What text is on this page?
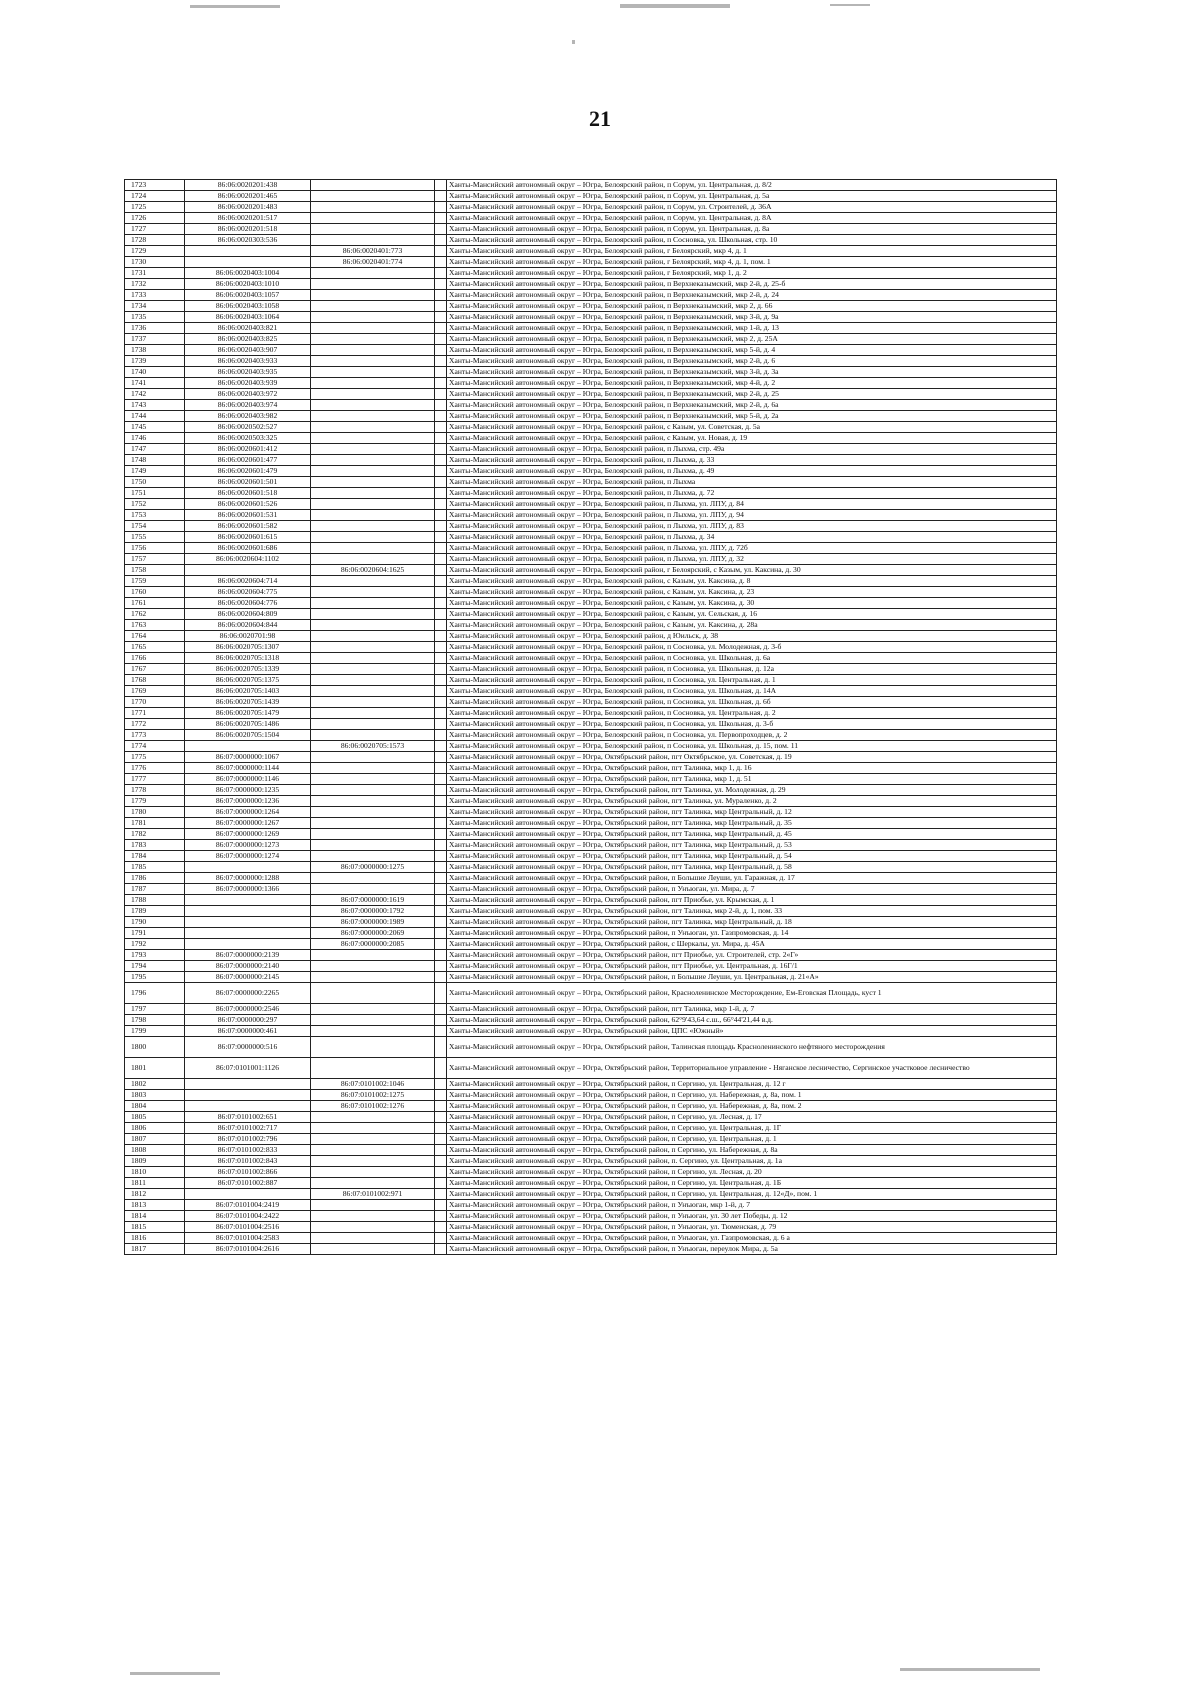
21
1723	86:06:0020201:438			Ханты-Мансийский автономный округ – Югра, Белоярский район, п Сорум, ул. Центральная, д. 8/2
1724	86:06:0020201:465			Ханты-Мансийский автономный округ – Югра, Белоярский район, п Сорум, ул. Центральная, д. 5а
1725	86:06:0020201:483			Ханты-Мансийский автономный округ – Югра, Белоярский район, п Сорум, ул. Строителей, д. 36А
1726	86:06:0020201:517			Ханты-Мансийский автономный округ – Югра, Белоярский район, п Сорум, ул. Центральная, д. 8А
1727	86:06:0020201:518			Ханты-Мансийский автономный округ – Югра, Белоярский район, п Сорум, ул. Центральная, д. 8а
1728	86:06:0020303:536			Ханты-Мансийский автономный округ – Югра, Белоярский район, п Сосновка, ул. Школьная, стр. 10
1729		86:06:0020401:773		Ханты-Мансийский автономный округ – Югра, Белоярский район, г Белоярский, мкр 4, д. 1
1730		86:06:0020401:774		Ханты-Мансийский автономный округ – Югра, Белоярский район, г Белоярский, мкр 4, д. 1, пом. 1
1731	86:06:0020403:1004			Ханты-Мансийский автономный округ – Югра, Белоярский район, г Белоярский, мкр 1, д. 2
1732	86:06:0020403:1010			Ханты-Мансийский автономный округ – Югра, Белоярский район, п Верхнеказымский, мкр 2-й, д. 25-б
1733	86:06:0020403:1057			Ханты-Мансийский автономный округ – Югра, Белоярский район, п Верхнеказымский, мкр 2-й, д. 24
1734	86:06:0020403:1058			Ханты-Мансийский автономный округ – Югра, Белоярский район, п Верхнеказымский, мкр 2, д. 66
1735	86:06:0020403:1064			Ханты-Мансийский автономный округ – Югра, Белоярский район, п Верхнеказымский, мкр 3-й, д. 9а
1736	86:06:0020403:821			Ханты-Мансийский автономный округ – Югра, Белоярский район, п Верхнеказымский, мкр 1-й, д. 13
1737	86:06:0020403:825			Ханты-Мансийский автономный округ – Югра, Белоярский район, п Верхнеказымский, мкр 2, д. 25А
1738	86:06:0020403:907			Ханты-Мансийский автономный округ – Югра, Белоярский район, п Верхнеказымский, мкр 5-й, д. 4
1739	86:06:0020403:933			Ханты-Мансийский автономный округ – Югра, Белоярский район, п Верхнеказымский, мкр 2-й, д. 6
1740	86:06:0020403:935			Ханты-Мансийский автономный округ – Югра, Белоярский район, п Верхнеказымский, мкр 3-й, д. 3а
1741	86:06:0020403:939			Ханты-Мансийский автономный округ – Югра, Белоярский район, п Верхнеказымский, мкр 4-й, д. 2
1742	86:06:0020403:972			Ханты-Мансийский автономный округ – Югра, Белоярский район, п Верхнеказымский, мкр 2-й, д. 25
1743	86:06:0020403:974			Ханты-Мансийский автономный округ – Югра, Белоярский район, п Верхнеказымский, мкр 2-й, д. 6а
1744	86:06:0020403:982			Ханты-Мансийский автономный округ – Югра, Белоярский район, п Верхнеказымский, мкр 5-й, д. 2а
1745	86:06:0020502:527			Ханты-Мансийский автономный округ – Югра, Белоярский район, с Казым, ул. Советская, д. 5а
1746	86:06:0020503:325			Ханты-Мансийский автономный округ – Югра, Белоярский район, с Казым, ул. Новая, д. 19
1747	86:06:0020601:412			Ханты-Мансийский автономный округ – Югра, Белоярский район, п Лыхма, стр. 49а
1748	86:06:0020601:477			Ханты-Мансийский автономный округ – Югра, Белоярский район, п Лыхма, д. 33
1749	86:06:0020601:479			Ханты-Мансийский автономный округ – Югра, Белоярский район, п Лыхма, д. 49
1750	86:06:0020601:501			Ханты-Мансийский автономный округ – Югра, Белоярский район, п Лыхма
1751	86:06:0020601:518			Ханты-Мансийский автономный округ – Югра, Белоярский район, п Лыхма, д. 72
1752	86:06:0020601:526			Ханты-Мансийский автономный округ – Югра, Белоярский район, п Лыхма, ул. ЛПУ, д. 84
1753	86:06:0020601:531			Ханты-Мансийский автономный округ – Югра, Белоярский район, п Лыхма, ул. ЛПУ, д. 94
1754	86:06:0020601:582			Ханты-Мансийский автономный округ – Югра, Белоярский район, п Лыхма, ул. ЛПУ, д. 83
1755	86:06:0020601:615			Ханты-Мансийский автономный округ – Югра, Белоярский район, п Лыхма, д. 34
1756	86:06:0020601:686			Ханты-Мансийский автономный округ – Югра, Белоярский район, п Лыхма, ул. ЛПУ, д. 72б
1757	86:06:0020604:1102			Ханты-Мансийский автономный округ – Югра, Белоярский район, п Лыхма, ул. ЛПУ, д. 32
1758		86:06:0020604:1625		Ханты-Мансийский автономный округ – Югра, Белоярский район, г Белоярский, с Казым, ул. Каксина, д. 30
1759	86:06:0020604:714			Ханты-Мансийский автономный округ – Югра, Белоярский район, с Казым, ул. Каксина, д. 8
1760	86:06:0020604:775			Ханты-Мансийский автономный округ – Югра, Белоярский район, с Казым, ул. Каксина, д. 23
1761	86:06:0020604:776			Ханты-Мансийский автономный округ – Югра, Белоярский район, с Казым, ул. Каксина, д. 30
1762	86:06:0020604:809			Ханты-Мансийский автономный округ – Югра, Белоярский район, с Казым, ул. Сельская, д. 16
1763	86:06:0020604:844			Ханты-Мансийский автономный округ – Югра, Белоярский район, с Казым, ул. Каксина, д. 28а
1764	86:06:0020701:98			Ханты-Мансийский автономный округ – Югра, Белоярский район, д Юильск, д. 38
1765	86:06:0020705:1307			Ханты-Мансийский автономный округ – Югра, Белоярский район, п Сосновка, ул. Молодежная, д. 3-б
1766	86:06:0020705:1318			Ханты-Мансийский автономный округ – Югра, Белоярский район, п Сосновка, ул. Школьная, д. 6а
1767	86:06:0020705:1339			Ханты-Мансийский автономный округ – Югра, Белоярский район, п Сосновка, ул. Школьная, д. 12а
1768	86:06:0020705:1375			Ханты-Мансийский автономный округ – Югра, Белоярский район, п Сосновка, ул. Центральная, д. 1
1769	86:06:0020705:1403			Ханты-Мансийский автономный округ – Югра, Белоярский район, п Сосновка, ул. Школьная, д. 14А
1770	86:06:0020705:1439			Ханты-Мансийский автономный округ – Югра, Белоярский район, п Сосновка, ул. Школьная, д. 6б
1771	86:06:0020705:1479			Ханты-Мансийский автономный округ – Югра, Белоярский район, п Сосновка, ул. Центральная, д. 2
1772	86:06:0020705:1486			Ханты-Мансийский автономный округ – Югра, Белоярский район, п Сосновка, ул. Школьная, д. 3-б
1773	86:06:0020705:1504			Ханты-Мансийский автономный округ – Югра, Белоярский район, п Сосновка, ул. Первопроходцев, д. 2
1774		86:06:0020705:1573		Ханты-Мансийский автономный округ – Югра, Белоярский район, п Сосновка, ул. Школьная, д. 15, пом. 11
1775	86:07:0000000:1067			Ханты-Мансийский автономный округ – Югра, Октябрьский район, пгт Октябрьское, ул. Советская, д. 19
1776	86:07:0000000:1144			Ханты-Мансийский автономный округ – Югра, Октябрьский район, пгт Талинка, мкр 1, д. 16
1777	86:07:0000000:1146			Ханты-Мансийский автономный округ – Югра, Октябрьский район, пгт Талинка, мкр 1, д. 51
1778	86:07:0000000:1235			Ханты-Мансийский автономный округ – Югра, Октябрьский район, пгт Талинка, ул. Молодежная, д. 29
1779	86:07:0000000:1236			Ханты-Мансийский автономный округ – Югра, Октябрьский район, пгт Талинка, ул. Мураленко, д. 2
1780	86:07:0000000:1264			Ханты-Мансийский автономный округ – Югра, Октябрьский район, пгт Талинка, мкр Центральный, д. 12
1781	86:07:0000000:1267			Ханты-Мансийский автономный округ – Югра, Октябрьский район, пгт Талинка, мкр Центральный, д. 35
1782	86:07:0000000:1269			Ханты-Мансийский автономный округ – Югра, Октябрьский район, пгт Талинка, мкр Центральный, д. 45
1783	86:07:0000000:1273			Ханты-Мансийский автономный округ – Югра, Октябрьский район, пгт Талинка, мкр Центральный, д. 53
1784	86:07:0000000:1274			Ханты-Мансийский автономный округ – Югра, Октябрьский район, пгт Талинка, мкр Центральный, д. 54
1785		86:07:0000000:1275		Ханты-Мансийский автономный округ – Югра, Октябрьский район, пгт Талинка, мкр Центральный, д. 58
1786	86:07:0000000:1288			Ханты-Мансийский автономный округ – Югра, Октябрьский район, п Большие Леуши, ул. Гаражная, д. 17
1787	86:07:0000000:1366			Ханты-Мансийский автономный округ – Югра, Октябрьский район, п Унъюган, ул. Мира, д. 7
1788		86:07:0000000:1619		Ханты-Мансийский автономный округ – Югра, Октябрьский район, пгт Приобье, ул. Крымская, д. 1
1789		86:07:0000000:1792		Ханты-Мансийский автономный округ – Югра, Октябрьский район, пгт Талинка, мкр 2-й, д. 1, пом. 33
1790		86:07:0000000:1989		Ханты-Мансийский автономный округ – Югра, Октябрьский район, пгт Талинка, мкр Центральный, д. 18
1791		86:07:0000000:2069		Ханты-Мансийский автономный округ – Югра, Октябрьский район, п Унъюган, ул. Газпромовская, д. 14
1792		86:07:0000000:2085		Ханты-Мансийский автономный округ – Югра, Октябрьский район, с Шеркалы, ул. Мира, д. 45А
1793	86:07:0000000:2139			Ханты-Мансийский автономный округ – Югра, Октябрьский район, пгт Приобье, ул. Строителей, стр. 2«Г»
1794	86:07:0000000:2140			Ханты-Мансийский автономный округ – Югра, Октябрьский район, пгт Приобье, ул. Центральная, д. 16Г/1
1795	86:07:0000000:2145			Ханты-Мансийский автономный округ – Югра, Октябрьский район, п Большие Леуши, ул. Центральная, д. 21«А»
1796	86:07:0000000:2265			Ханты-Мансийский автономный округ – Югра, Октябрьский район, Красноленинское Месторождение, Ем-Еговская Площадь, куст 1
1797	86:07:0000000:2546			Ханты-Мансийский автономный округ – Югра, Октябрьский район, пгт Талинка, мкр 1-й, д. 7
1798	86:07:0000000:297			Ханты-Мансийский автономный округ – Югра, Октябрьский район, 62°9'43,64 с.ш., 66°44'21,44 в.д.
1799	86:07:0000000:461			Ханты-Мансийский автономный округ – Югра, Октябрьский район, ЦПС «Южный»
1800	86:07:0000000:516			Ханты-Мансийский автономный округ – Югра, Октябрьский район, Талинская площадь Красноленинского нефтяного месторождения
1801	86:07:0101001:1126			Ханты-Мансийский автономный округ – Югра, Октябрьский район, Территориальное управление - Няганское лесничество, Сергинское участковое лесничество
1802		86:07:0101002:1046		Ханты-Мансийский автономный округ – Югра, Октябрьский район, п Сергино, ул. Центральная, д. 12 г
1803		86:07:0101002:1275		Ханты-Мансийский автономный округ – Югра, Октябрьский район, п Сергино, ул. Набережная, д. 8а, пом. 1
1804		86:07:0101002:1276		Ханты-Мансийский автономный округ – Югра, Октябрьский район, п Сергино, ул. Набережная, д. 8а, пом. 2
1805	86:07:0101002:651			Ханты-Мансийский автономный округ – Югра, Октябрьский район, п Сергино, ул. Лесная, д. 17
1806	86:07:0101002:717			Ханты-Мансийский автономный округ – Югра, Октябрьский район, п Сергино, ул. Центральная, д. 1Г
1807	86:07:0101002:796			Ханты-Мансийский автономный округ – Югра, Октябрьский район, п Сергино, ул. Центральная, д. 1
1808	86:07:0101002:833			Ханты-Мансийский автономный округ – Югра, Октябрьский район, п Сергино, ул. Набережная, д. 8а
1809	86:07:0101002:843			Ханты-Мансийский автономный округ – Югра, Октябрьский район, п. Сергино, ул. Центральная, д. 1а
1810	86:07:0101002:866			Ханты-Мансийский автономный округ – Югра, Октябрьский район, п Сергино, ул. Лесная, д. 20
1811	86:07:0101002:887			Ханты-Мансийский автономный округ – Югра, Октябрьский район, п Сергино, ул. Центральная, д. 1Б
1812		86:07:0101002:971		Ханты-Мансийский автономный округ – Югра, Октябрьский район, п Сергино, ул. Центральная, д. 12«Д», пом. 1
1813	86:07:0101004:2419			Ханты-Мансийский автономный округ – Югра, Октябрьский район, п Унъюган, мкр 1-й, д. 7
1814	86:07:0101004:2422			Ханты-Мансийский автономный округ – Югра, Октябрьский район, п Унъюган, ул. 30 лет Победы, д. 12
1815	86:07:0101004:2516			Ханты-Мансийский автономный округ – Югра, Октябрьский район, п Унъюган, ул. Тюменская, д. 79
1816	86:07:0101004:2583			Ханты-Мансийский автономный округ – Югра, Октябрьский район, п Унъюган, ул. Газпромовская, д. 6 а
1817	86:07:0101004:2616			Ханты-Мансийский автономный округ – Югра, Октябрьский район, п Унъюган, переулок Мира, д. 5а
